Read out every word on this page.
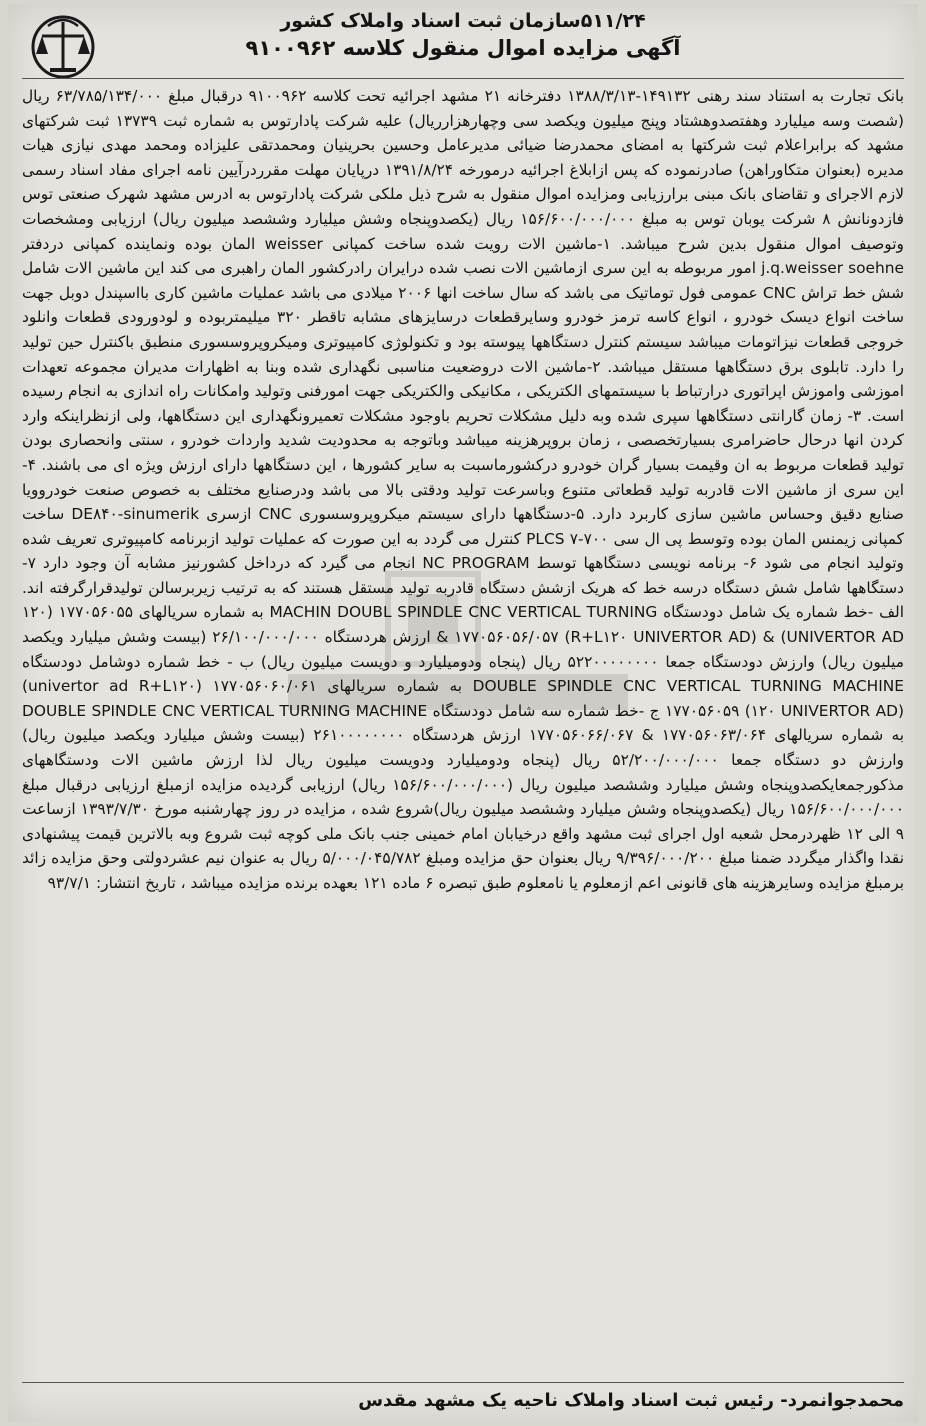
۵۱۱/۲۴سازمان ثبت اسناد واملاک کشور
آگهی مزایده اموال منقول کلاسه ۹۱۰۰۹۶۲
بانک تجارت به استناد سند رهنی ۱۴۹۱۳۲-۱۳۸۸/۳/۱۳ دفترخانه ۲۱ مشهد اجرائیه تحت کلاسه ۹۱۰۰۹۶۲ درقبال مبلغ ۶۳/۷۸۵/۱۳۴/۰۰۰ ریال (شصت وسه میلیارد وهفتصدوهشتاد وپنج میلیون ویکصد سی وچهارهزارریال) علیه شرکت پادارتوس به شماره ثبت ۱۳۷۳۹ ثبت شرکتهای مشهد که برابراعلام ثبت شرکتها به امضای محمدرضا ضیائی مدیرعامل وحسین بحرینیان ومحمدتقی علیزاده ومحمد مهدی نیازی هیات مدیره (بعنوان متکاوراهن) صادرنموده که پس ازابلاغ اجرائیه درمورخه ۱۳۹۱/۸/۲۴ درپایان مهلت مقرردرآیین نامه اجرای مفاد اسناد رسمی لازم الاجرای و تقاضای بانک مبنی برارزیابی ومزایده اموال منقول به شرح ذیل ملکی شرکت پادارتوس به ادرس مشهد شهرک صنعتی توس فازدونانش ۸ شرکت یوبان توس به مبلغ ۱۵۶/۶۰۰/۰۰۰/۰۰۰ ریال (یکصدوپنجاه وشش میلیارد وششصد میلیون ریال) ارزیابی ومشخصات وتوصیف اموال منقول بدین شرح میباشد. ۱-ماشین الات رویت شده ساخت کمپانی weisser المان بوده ونماینده کمپانی دردفتر j.q.weisser soehne امور مربوطه به این سری ازماشین الات نصب شده درایران رادرکشور المان راهبری می کند این ماشین الات شامل شش خط تراش CNC عمومی فول توماتیک می باشد که سال ساخت انها ۲۰۰۶ میلادی می باشد عملیات ماشین کاری بااسپندل دوبل جهت ساخت انواع دیسک خودرو ، انواع کاسه ترمز خودرو وسایرقطعات درسایزهای مشابه تاقطر ۳۲۰ میلیمتربوده و لودورودی قطعات وانلود خروجی قطعات نیزاتومات میباشد سیستم کنترل دستگاهها پیوسته بود و تکنولوژی کامپیوتری ومیکروپروسسوری منطبق باکنترل حین تولید را دارد. تابلوی برق دستگاهها مستقل میباشد. ۲-ماشین الات دروضعیت مناسبی نگهداری شده وبنا به اظهارات مدیران مجموعه تعهدات اموزشی واموزش اپراتوری درارتباط با سیستمهای الکتریکی ، مکانیکی والکتریکی جهت امورفنی وتولید وامکانات راه اندازی به انجام رسیده است. ۳- زمان گارانتی دستگاهها سپری شده وبه دلیل مشکلات تحریم باوجود مشکلات تعمیرونگهداری این دستگاهها، ولی ازنظراینکه وارد کردن انها درحال حاضرامری بسیارتخصصی ، زمان بروپرهزینه میباشد وباتوجه به محدودیت شدید واردات خودرو ، سنتی وانحصاری بودن تولید قطعات مربوط به ان وقیمت بسیار گران خودرو درکشورماسبت به سایر کشورها ، این دستگاهها دارای ارزش ویژه ای می باشند. ۴-این سری از ماشین الات قادربه تولید قطعاتی متنوع وباسرعت تولید ودقتی بالا می باشد ودرصنایع مختلف به خصوص صنعت خودروویا صنایع دقیق وحساس ماشین سازی کاربرد دارد. ۵-دستگاهها دارای سیستم میکروپروسسوری CNC ازسری DE۸۴۰-sinumerik ساخت کمپانی زیمنس المان بوده وتوسط پی ال سی ۷۰۰-۷ PLCS کنترل می گردد به این صورت که عملیات تولید ازبرنامه کامپیوتری تعریف شده وتولید انجام می شود ۶- برنامه نویسی دستگاهها توسط NC PROGRAM انجام می گیرد که درداخل کشورنیز مشابه آن وجود دارد ۷- دستگاهها شامل شش دستگاه درسه خط که هریک ازشش دستگاه قادربه تولید مستقل هستند که به ترتیب زیربرسالن تولیدقرارگرفته اند. الف -خط شماره یک شامل دودستگاه MACHIN DOUBL SPINDLE CNC VERTICAL TURNING به شماره سریالهای ۱۷۷۰۵۶۰۵۵ (۱۲۰ UNIVERTOR AD) & ۱۷۷۰۵۶۰۵۶/۰۵۷ (R+L۱۲۰ UNIVERTOR AD) & ارزش هردستگاه ۲۶/۱۰۰/۰۰۰/۰۰۰ (بیست وشش میلیارد ویکصد میلیون ریال) وارزش دودستگاه جمعا ۵۲۲۰۰۰۰۰۰۰۰ ریال (پنجاه ودومیلیارد و دویست میلیون ریال) ب - خط شماره دوشامل دودستگاه DOUBLE SPINDLE CNC VERTICAL TURNING MACHINE به شماره سریالهای ۱۷۷۰۵۶۰۶۰/۰۶۱ (univertor ad R+L۱۲۰) ۱۷۷۰۵۶۰۵۹ (۱۲۰ UNIVERTOR AD) ج -خط شماره سه شامل دودستگاه DOUBLE SPINDLE CNC VERTICAL TURNING MACHINE به شماره سریالهای ۱۷۷۰۵۶۰۶۳/۰۶۴ & ۱۷۷۰۵۶۰۶۶/۰۶۷ ارزش هردستگاه ۲۶۱۰۰۰۰۰۰۰۰ (بیست وشش میلیارد ویکصد میلیون ریال) وارزش دو دستگاه جمعا ۵۲/۲۰۰/۰۰۰/۰۰۰ ریال (پنجاه ودومیلیارد ودویست میلیون ریال لذا ارزش ماشین الات ودستگاههای مذکورجمعایکصدوپنجاه وشش میلیارد وششصد میلیون ریال (۱۵۶/۶۰۰/۰۰۰/۰۰۰ ریال) ارزیابی گردیده مزایده ازمبلغ ارزیابی درقبال مبلغ ۱۵۶/۶۰۰/۰۰۰/۰۰۰ ریال (یکصدوپنجاه وشش میلیارد وششصد میلیون ریال)شروع شده ، مزایده در روز چهارشنبه مورخ ۱۳۹۳/۷/۳۰ ازساعت ۹ الی ۱۲ ظهردرمحل شعبه اول اجرای ثبت مشهد واقع درخیابان امام خمینی جنب بانک ملی کوچه ثبت شروع وبه بالاترین قیمت پیشنهادی نقدا واگذار میگردد ضمنا مبلغ ۹/۳۹۶/۰۰۰/۲۰۰ ریال بعنوان حق مزایده ومبلغ ۵/۰۰۰/۰۴۵/۷۸۲ ریال به عنوان نیم عشردولتی وحق مزایده زائد برمبلغ مزایده وسایرهزینه های قانونی اعم ازمعلوم یا نامعلوم طبق تبصره ۶ ماده ۱۲۱ بعهده برنده مزایده میباشد ، تاریخ انتشار: ۹۳/۷/۱
محمدجوانمرد- رئیس ثبت اسناد واملاک ناحیه یک مشهد مقدس
